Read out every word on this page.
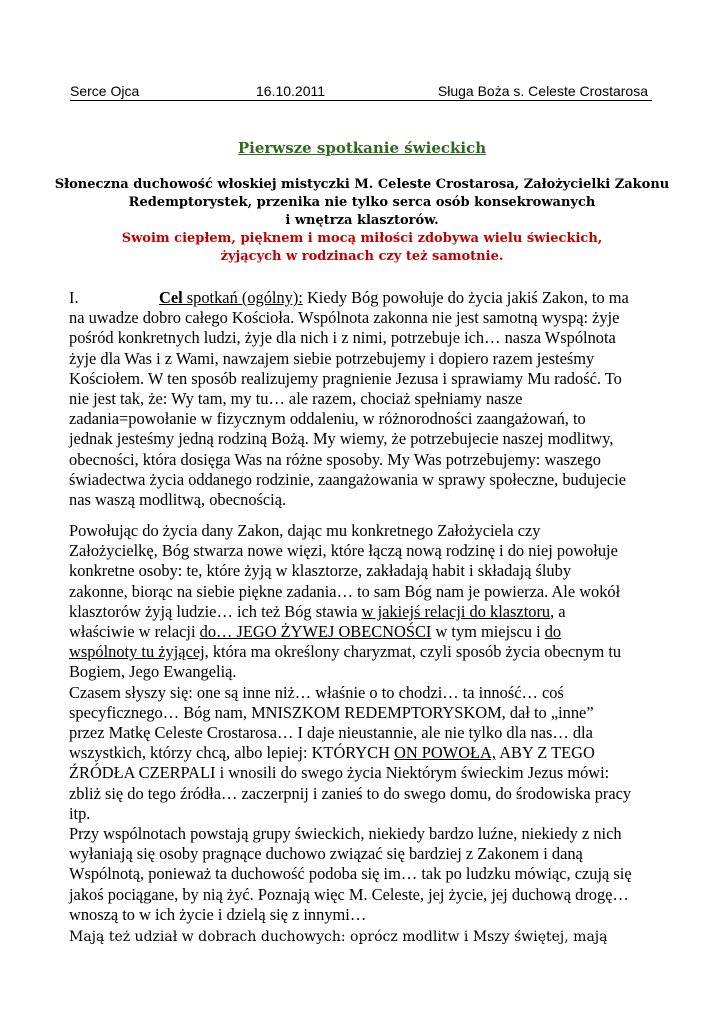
Serce Ojca	16.10.2011	Sługa Boża s. Celeste Crostarosa
Pierwsze spotkanie świeckich
Słoneczna duchowość włoskiej mistyczki M. Celeste Crostarosa, Założycielki Zakonu
Redemptorystek, przenika nie tylko serca osób konsekrowanych
i wnętrza klasztorów.
Swoim ciepłem, pięknem i mocą miłości zdobywa wielu świeckich,
żyjących w rodzinach czy też samotnie.
I.	Cel spotkań (ogólny): Kiedy Bóg powołuje do życia jakiś Zakon, to ma
na uwadze dobro całego Kościoła. Wspólnota zakonna nie jest samotną wyspą: żyje
pośród konkretnych ludzi, żyje dla nich i z nimi, potrzebuje ich… nasza Wspólnota
żyje dla Was i z Wami, nawzajem siebie potrzebujemy i dopiero razem jesteśmy
Kościołem. W ten sposób realizujemy pragnienie Jezusa i sprawiamy Mu radość. To
nie jest tak, że: Wy tam, my tu… ale razem, chociaż spełniamy nasze
zadania=powołanie w fizycznym oddaleniu, w różnorodności zaangażowań, to
jednak jesteśmy jedną rodziną Bożą. My wiemy, że potrzebujecie naszej modlitwy,
obecności, która dosięga Was na różne sposoby. My Was potrzebujemy: waszego
świadectwa życia oddanego rodzinie, zaangażowania w sprawy społeczne, budujecie
nas waszą modlitwą, obecnością.
Powołując do życia dany Zakon, dając mu konkretnego Założyciela czy
Założycielkę, Bóg stwarza nowe więzi, które łączą nową rodzinę i do niej powołuje
konkretne osoby: te, które żyją w klasztorze, zakładają habit i składają śluby
zakonne, biorąc na siebie piękne zadania… to sam Bóg nam je powierza. Ale wokół
klasztorów żyją ludzie… ich też Bóg stawia w jakiejś relacji do klasztoru, a
właściwie w relacji do… JEGO ŻYWEJ OBECNOŚCI w tym miejscu i do
wspólnoty tu żyjącej, która ma określony charyzmat, czyli sposób życia obecnym tu
Bogiem, Jego Ewangelią.
Czasem słyszy się: one są inne niż… właśnie o to chodzi… ta inność… coś
specyficznego… Bóg nam, MNISZKOM REDEMPTORYSKOM, dał to „inne”
przez Matkę Celeste Crostarosa… I daje nieustannie, ale nie tylko dla nas… dla
wszystkich, którzy chcą, albo lepiej: KTÓRYCH ON POWOŁA, ABY Z TEGO
ŹRÓDŁA CZERPALI i wnosili do swego życia Niektórym świeckim Jezus mówi:
zbliż się do tego źródła… zaczerpnij i zanieś to do swego domu, do środowiska pracy
itp.
Przy wspólnotach powstają grupy świeckich, niekiedy bardzo luźne, niekiedy z nich
wyłaniają się osoby pragnące duchowo związać się bardziej z Zakonem i daną
Wspólnotą, ponieważ ta duchowość podoba się im… tak po ludzku mówiąc, czują się
jakoś pociągane, by nią żyć. Poznają więc M. Celeste, jej życie, jej duchową drogę…
wnoszą to w ich życie i dzielą się z innymi…
Mają też udział w dobrach duchowych: oprócz modlitw i Mszy świętej, mają
